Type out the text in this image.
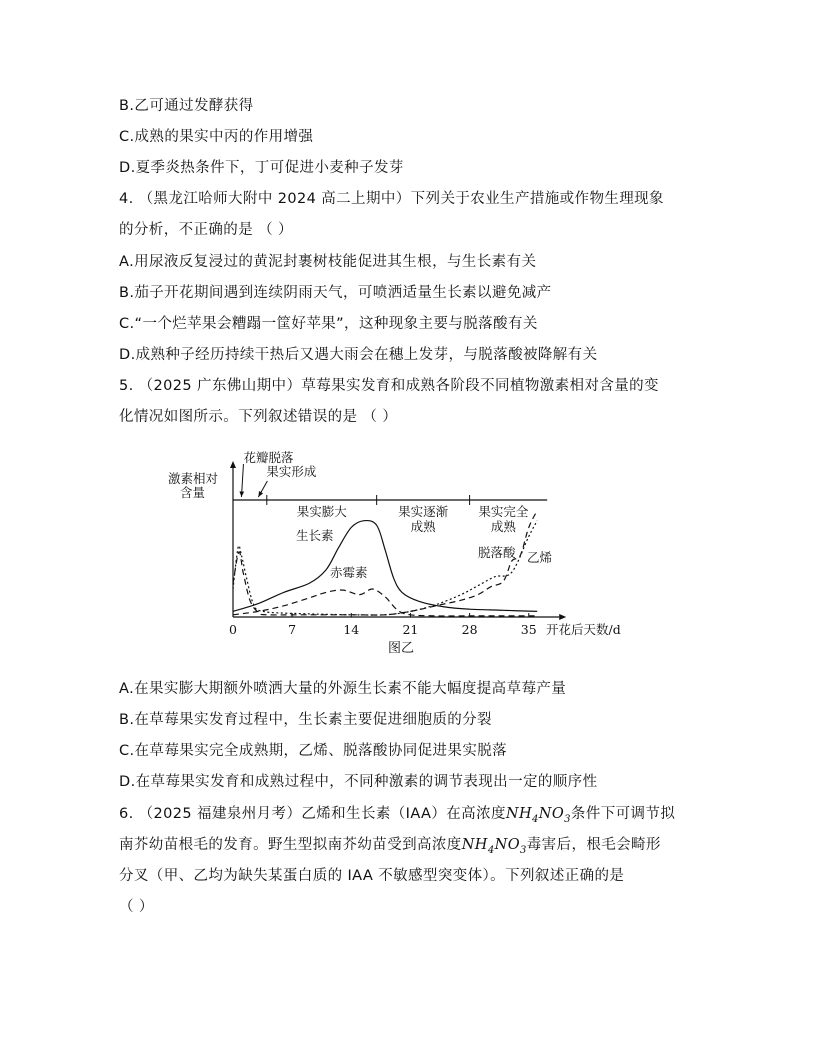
B.乙可通过发酵获得
C.成熟的果实中丙的作用增强
D.夏季炎热条件下，丁可促进小麦种子发芽
4. （黑龙江哈师大附中 2024 高二上期中）下列关于农业生产措施或作物生理现象
的分析，不正确的是 （ ）
A.用尿液反复浸过的黄泥封裹树枝能促进其生根，与生长素有关
B.茄子开花期间遇到连续阴雨天气，可喷洒适量生长素以避免减产
C.“一个烂苹果会糟蹋一筐好苹果”，这种现象主要与脱落酸有关
D.成熟种子经历持续干热后又遇大雨会在穗上发芽，与脱落酸被降解有关
5. （2025 广东佛山期中）草莓果实发育和成熟各阶段不同植物激素相对含量的变
化情况如图所示。下列叙述错误的是 （ ）
激素相对
含量
果实膨大	果实逐渐
成熟
果实完全
成熟
花瓣脱落
果实形成
生长素
赤霉素
脱落酸 乙烯
0	7	14	21	28	35 开花后天数/d
图乙
A.在果实膨大期额外喷洒大量的外源生长素不能大幅度提高草莓产量
B.在草莓果实发育过程中，生长素主要促进细胞质的分裂
C.在草莓果实完全成熟期，乙烯、脱落酸协同促进果实脱落
D.在草莓果实发育和成熟过程中，不同种激素的调节表现出一定的顺序性
6. （2025 福建泉州月考）乙烯和生长素（IAA）在高浓度$NH_4NO_3$条件下可调节拟
南芥幼苗根毛的发育。野生型拟南芥幼苗受到高浓度$NH_4NO_3$毒害后，根毛会畸形
分叉（甲、乙均为缺失某蛋白质的 IAA 不敏感型突变体）。下列叙述正确的是
（ ）
